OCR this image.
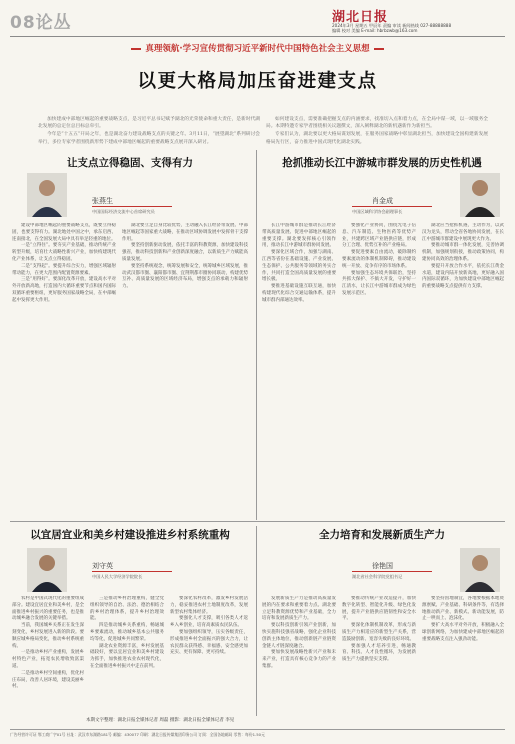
08论丛	湖北日报
2024年3月 星期五 甲辰年 责编 审读 新闻热线 027-88888888
编辑 校对 美编 E-mail: hbrbzwb@163.com
真理领航·学习宣传贯彻习近平新时代中国特色社会主义思想
以更大格局加压奋进建支点

加快建成中部地区崛起的重要战略支点，是习近平总书记赋予湖北的光荣使命和重大责任，是新时代湖北发展的总定位总目标总牵引。

今年是“十五五”开局之年，也是湖北奋力建设战略支点的关键之年。3月11日，“展望湖北”系列研讨会举行，多位专家学者围绕新形势下建成中部地区崛起的重要战略支点展开深入研讨。

如何建设支点，需要准确把握支点的内涵要求，找准切入点和着力点，在全局中谋一域，以一域服务全局。本期特邀专家学者围绕相关议题撰文，深入阐释湖北的新机遇新作为新担当。

专家们认为，湖北要以更大格局谋划发展，在服务国家战略中彰显湖北担当，加快建设全国构建新发展格局先行区，奋力推进中国式现代化湖北实践。

让支点立得稳固、支得有力
张燕生
中国国际经济交流中心首席研究员

建设中部地区崛起的重要战略支点，既要立得稳固，也要支得有力。湖北地处中国之中，承东启西、连南接北，在全国发展大局中具有举足轻重的地位。

一是“立得住”。要夯实产业基础，推动传统产业转型升级，培育壮大战略性新兴产业，加快构建现代化产业体系，让支点立得稳固。

二是“支得起”。要提升综合实力，增强区域辐射带动能力，在更大范围内配置资源要素。

三是“用得好”。要深化改革开放，建设高水平对外开放新高地，打造国内大循环重要节点和国内国际双循环重要枢纽，更好服务国家战略全局，在中部崛起中发挥更大作用。

湖北要立足自身比较优势，主动融入长江经济带发展、中部地区崛起等国家重大战略，在推动区域协调发展中发挥骨干支撑作用。

要坚持创新驱动发展，依托丰富的科教资源，加快建设科技强省，推动科技创新和产业创新深度融合，以新质生产力赋能高质量发展。

要坚持系统观念，统筹发展和安全，统筹城乡区域发展，推动武汉都市圈、襄阳都市圈、宜荆荆都市圈协同联动，构建优势互补、高质量发展的区域经济布局，增强支点的承载力和辐射力。

抢抓推动长江中游城市群发展的历史性机遇
肖金成
中国区域科学协会副理事长

长江中游城市群是推动长江经济带高质量发展、促进中部地区崛起的重要支撑。湖北要发挥核心引领作用，推动长江中游城市群协同发展。

要深化区域合作，加强与湖南、江西等省份在基础设施、产业发展、生态保护、公共服务等领域的务实合作，共同打造全国高质量发展的重要增长极。

要推进基础设施互联互通，加快构建现代化综合交通运输体系，提升城市群内部通达效率。

要强化产业协同，围绕光电子信息、汽车制造、生物医药等优势产业，共建跨区域产业链供应链，形成分工合理、优势互补的产业格局。

要促进要素自由流动，破除制约要素流动的体制机制障碍，推动建设统一开放、竞争有序的市场体系。

要加强生态环境共保联治，坚持共抓大保护、不搞大开发，守护好一江清水，让长江中游城市群成为绿色发展示范区。

湖北应当抢抓机遇，主动作为，以武汉为龙头，带动全省各地协同发展，在长江中游城市群建设中展现更大作为。

要推动城市群一体化发展，完善协调机制，加强规划衔接，推动政策协同，构建协同高效的治理体系。

要提升开放合作水平，依托长江黄金水道，建设内陆开放新高地，更好融入国内国际双循环，为加快建设中部地区崛起的重要战略支点提供有力支撑。

以宜居宜业和美乡村建设推进乡村系统重构
刘守英
中国人民大学经济学院院长

农村是中国式现代化的重要组成部分。建设宜居宜业和美乡村，是全面推进乡村振兴的重要任务，也是推动城乡融合发展的关键举措。

当前，我国城乡关系正在发生深刻变化，乡村发展进入新的阶段。要顺应城乡格局变化，推动乡村系统重构。

一是推动乡村产业重构，发展乡村特色产业，拓宽农民增收致富渠道。

二是推动乡村空间重构，优化村庄布局，改善人居环境，建设美丽乡村。

三是推动乡村治理重构，健全党组织领导的自治、法治、德治相结合的乡村治理体系，提升乡村治理效能。

四是推动城乡关系重构，畅通城乡要素流动，推动城乡基本公共服务均等化，促进城乡共同繁荣。

湖北农业资源丰富，乡村发展基础较好，要以宜居宜业和美乡村建设为抓手，加快推进农业农村现代化，在全面推进乡村振兴中走在前列。

要深化农村改革，激发乡村发展活力，稳妥推进农村土地制度改革，发展新型农村集体经济。

要强化人才支撑，吸引各类人才返乡入乡创业，培育高素质农民队伍。

要加强组织领导，压实各级责任，形成推进乡村全面振兴的强大合力，让农民群众获得感、幸福感、安全感更加充实、更有保障、更可持续。

全力培育和发展新质生产力
徐艳国
湖北省社会科学院党组书记

发展新质生产力是推动高质量发展的内在要求和重要着力点。湖北要立足科教资源优势和产业基础，全力培育和发展新质生产力。

要以科技创新引领产业创新，加快实施科技强省战略，强化企业科技创新主体地位，推动创新链产业链资金链人才链深度融合。

要加快发展战略性新兴产业和未来产业，打造具有核心竞争力的产业集群。

要推动传统产业改造提升，加快数字化转型、智能化升级、绿色化发展，提升产业链供应链韧性和安全水平。

要深化体制机制改革，形成与新质生产力相适应的新型生产关系，营造鼓励创新、宽容失败的良好环境。

要加强人才培养引进，畅通教育、科技、人才良性循环，为发展新质生产力提供坚实支撑。

要坚持因地制宜，各地要根据本地资源禀赋、产业基础、科研条件等，有选择地推动新产业、新模式、新动能发展，防止一哄而上、泡沫化。

要扩大高水平对外开放，积极融入全球创新网络，为加快建成中部地区崛起的重要战略支点注入强劲动能。

本期文字整理：湖北日报全媒体记者 周磊 摄影：湖北日报全媒体记者 李见
广告经营许可证 鄂工商广字01号 社址：武汉市东湖路181号 邮编：430077 印刷：湖北日报传媒集团印务公司 订阅：全国各地邮局 零售：每份1.50元
